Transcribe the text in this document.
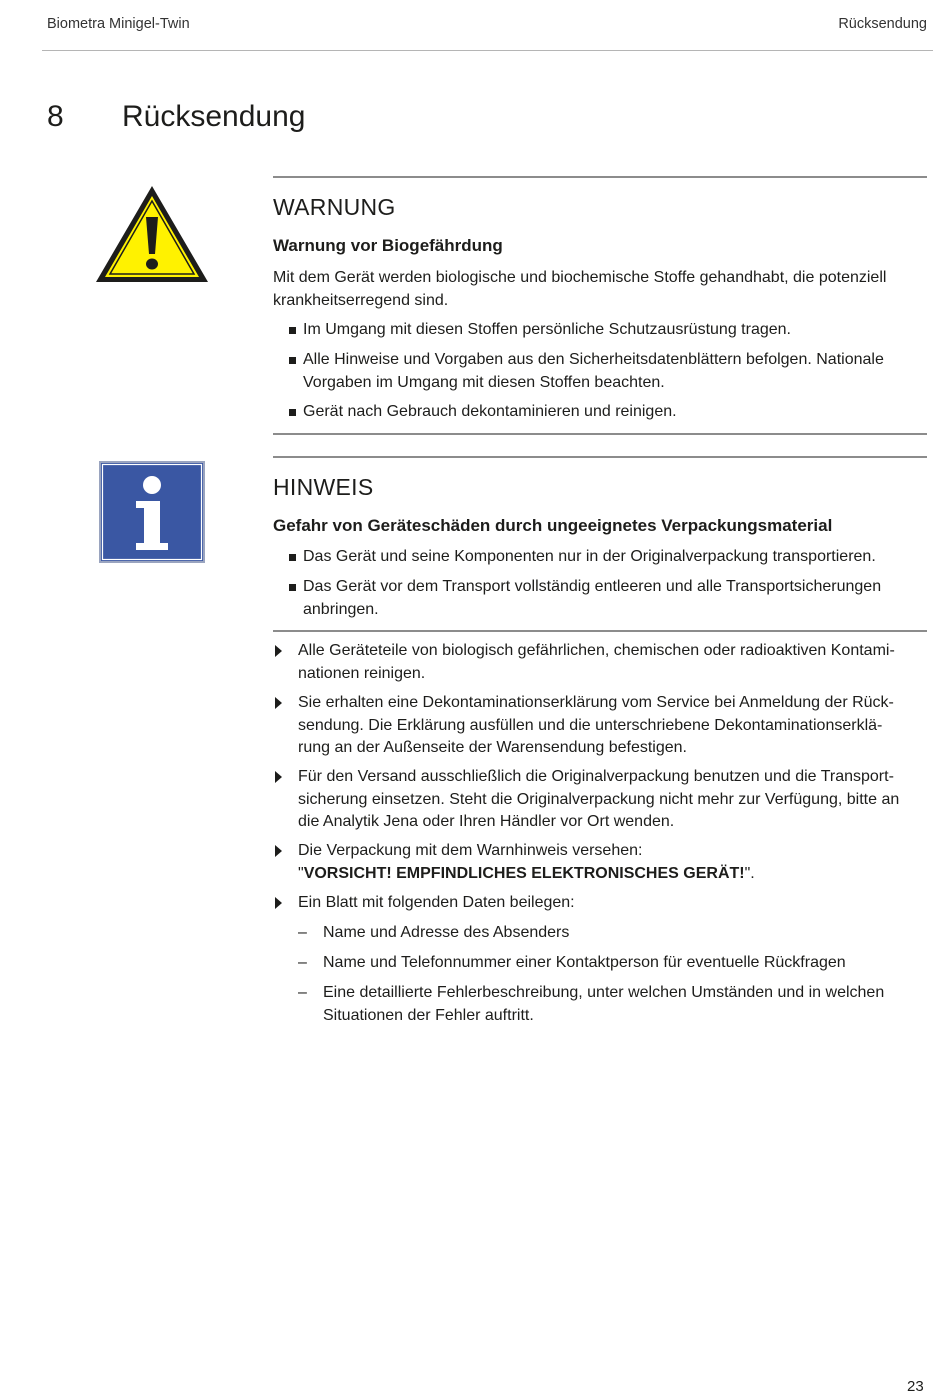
Biometra Minigel-Twin	Rücksendung
8 Rücksendung
WARNUNG
Warnung vor Biogefährdung
Mit dem Gerät werden biologische und biochemische Stoffe gehandhabt, die potenziell
krankheitserregend sind.
Im Umgang mit diesen Stoffen persönliche Schutzausrüstung tragen.
Alle Hinweise und Vorgaben aus den Sicherheitsdatenblättern befolgen. Nationale
Vorgaben im Umgang mit diesen Stoffen beachten.
Gerät nach Gebrauch dekontaminieren und reinigen.
HINWEIS
Gefahr von Geräteschäden durch ungeeignetes Verpackungsmaterial
Das Gerät und seine Komponenten nur in der Originalverpackung transportieren.
Das Gerät vor dem Transport vollständig entleeren und alle Transportsicherungen
anbringen.
Alle Geräteteile von biologisch gefährlichen, chemischen oder radioaktiven Kontami-
nationen reinigen.
Sie erhalten eine Dekontaminationserklärung vom Service bei Anmeldung der Rück-
sendung. Die Erklärung ausfüllen und die unterschriebene Dekontaminationserklä-
rung an der Außenseite der Warensendung befestigen.
Für den Versand ausschließlich die Originalverpackung benutzen und die Transport-
sicherung einsetzen. Steht die Originalverpackung nicht mehr zur Verfügung, bitte an
die Analytik Jena oder Ihren Händler vor Ort wenden.
Die Verpackung mit dem Warnhinweis versehen:
"VORSICHT! EMPFINDLICHES ELEKTRONISCHES GERÄT!".
Ein Blatt mit folgenden Daten beilegen:
– Name und Adresse des Absenders
– Name und Telefonnummer einer Kontaktperson für eventuelle Rückfragen
– Eine detaillierte Fehlerbeschreibung, unter welchen Umständen und in welchen
Situationen der Fehler auftritt.
23
